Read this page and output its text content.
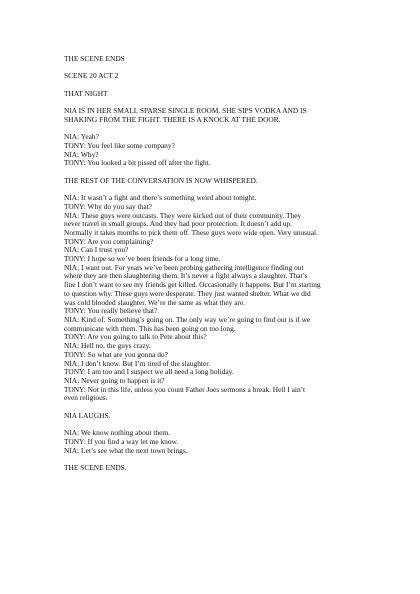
THE SCENE ENDS
SCENE 20 ACT 2
THAT NIGHT
NIA IS IN HER SMALL SPARSE SINGLE ROOM. SHE SIPS VODKA AND IS
SHAKING FROM THE FIGHT. THERE IS A KNOCK AT THE DOOR.
NIA: Yeah?
TONY: You feel like some company?
NIA: Why?
TONY: You looked a bit pissed off after the fight.
THE REST OF THE CONVERSATION IS NOW WHISPERED.
NIA: It wasn’t a fight and there’s something weird about tonight.
TONY: Why do you say that?
NIA: These guys were outcasts. They were kicked out of their community. They
never travel in small groups. And they had poor protection. It doesn’t add up.
Normally it takes months to pick them off. These guys were wide open. Very unusual.
TONY: Are you complaining?
NIA: Can I trust you?
TONY: I hope so we’ve been friends for a long time.
NIA: I want out. For years we’ve been probing gathering intelligence finding out
where they are then slaughtering them. It’s never a fight always a slaughter. That’s
fine I don’t want to see my friends get killed. Occasionally it happens. But I’m starting
to question why. These guys were desperate. They just wanted shelter. What we did
was cold blooded slaughter. We’re the same as what they are.
TONY: You really believe that?
NIA: Kind of. Something’s going on. The only way we’re going to find out is if we
communicate with them. This has been going on too long.
TONY: Are you going to talk to Pete about this?
NIA: Hell no, the guys crazy.
TONY: So what are you gonna do?
NIA: I don’t know. But I’m tired of the slaughter.
TONY: I am too and I suspect we all need a long holiday.
NIA: Never going to happen is it?
TONY: Not in this life, unless you count Father Joes sermons a break. Hell I ain’t
even religious.
NIA LAUGHS.
NIA: We know nothing about them.
TONY: If you find a way let me know.
NIA: Let’s see what the next town brings.
THE SCENE ENDS.
